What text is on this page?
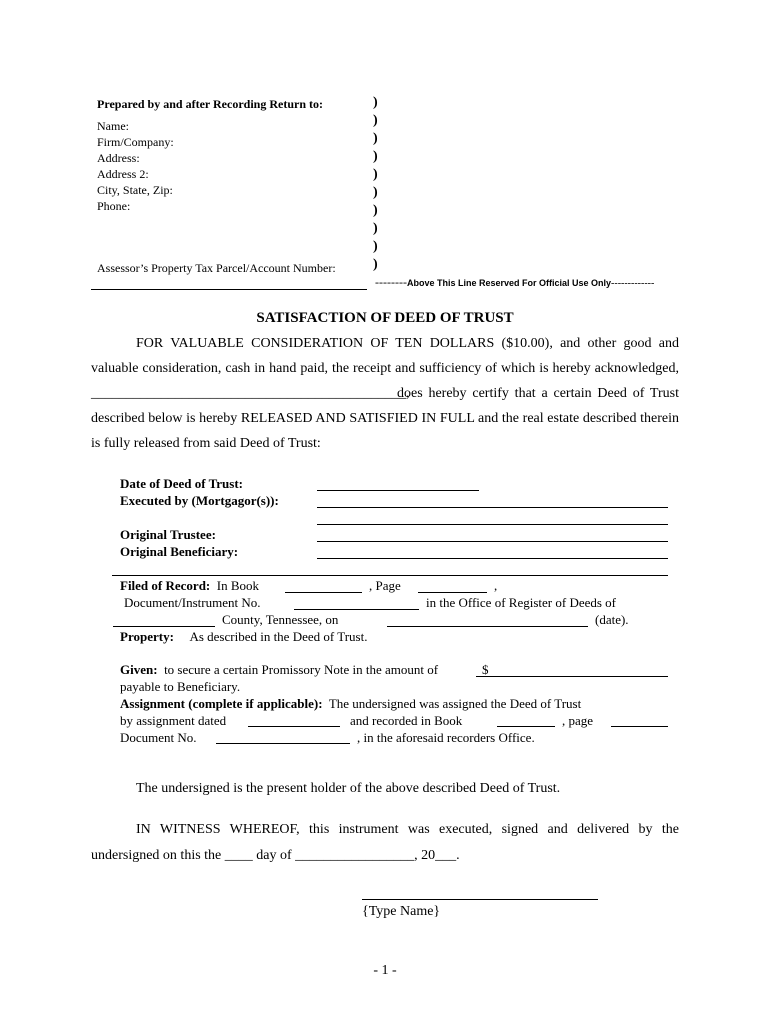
Prepared by and after Recording Return to:
Name:
Firm/Company:
Address:
Address 2:
City, State, Zip:
Phone:
Assessor’s Property Tax Parcel/Account Number:
)
)
)
)
)
)
)
)
)
)
--------Above This Line Reserved For Official Use Only-------------
SATISFACTION OF DEED OF TRUST
FOR VALUABLE CONSIDERATION OF TEN DOLLARS ($10.00), and other good and
valuable consideration, cash in hand paid, the receipt and sufficiency of which is hereby acknowledged,
_____________________________________________,
does hereby certify that a certain Deed of Trust
described below is hereby RELEASED AND SATISFIED IN FULL and the real estate described therein
is fully released from said Deed of Trust:
Date of Deed of Trust:
Executed by (Mortgagor(s)):
Original Trustee:
Original Beneficiary:
Filed of Record: In Book	, Page	,
Document/Instrument No.	in the Office of Register of Deeds of
County, Tennessee, on	(date).
Property: As described in the Deed of Trust.
Given: to secure a certain Promissory Note in the amount of	$
payable to Beneficiary.
Assignment (complete if applicable): The undersigned was assigned the Deed of Trust
by assignment dated	and recorded in Book	, page
Document No.	, in the aforesaid recorders Office.
The undersigned is the present holder of the above described Deed of Trust.
IN WITNESS WHEREOF, this instrument was executed, signed and delivered by the
undersigned on this the ____ day of _________________, 20___.
{Type Name}
- 1 -
